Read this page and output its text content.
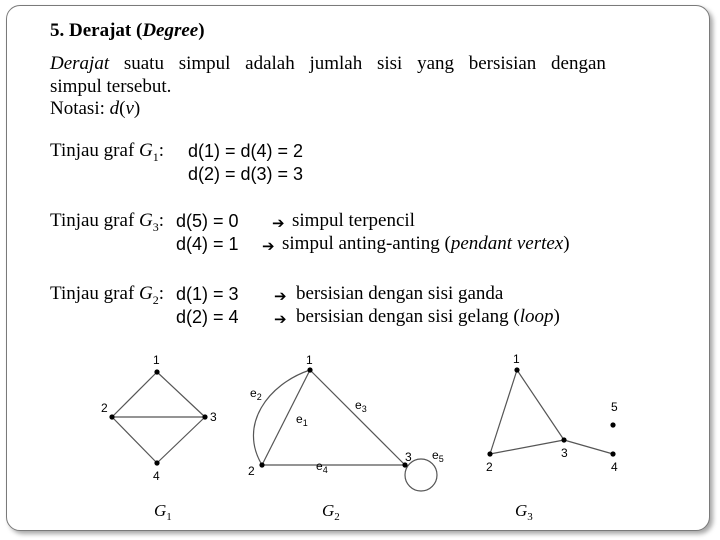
5. Derajat (Degree)
Derajat suatu simpul adalah jumlah sisi yang bersisian dengan
simpul tersebut.
Notasi: d(v)
Tinjau graf $G_1$: d(1) = d(4) = 2
d(2) = d(3) = 3
Tinjau graf $G_3$: d(5) = 0 ➔ simpul terpencil
d(4) = 1 ➔ simpul anting-anting (pendant vertex)
Tinjau graf $G_2$: d(1) = 3 ➔ bersisian dengan sisi ganda
d(2) = 4 ➔ bersisian dengan sisi gelang (loop)
1
2
3
4
1
2
3
1
2
3
4
5
$e_1$
$e_2$
$e_3$
$e_4$
$e_5$
$G_1$	$G_2$	$G_3$
